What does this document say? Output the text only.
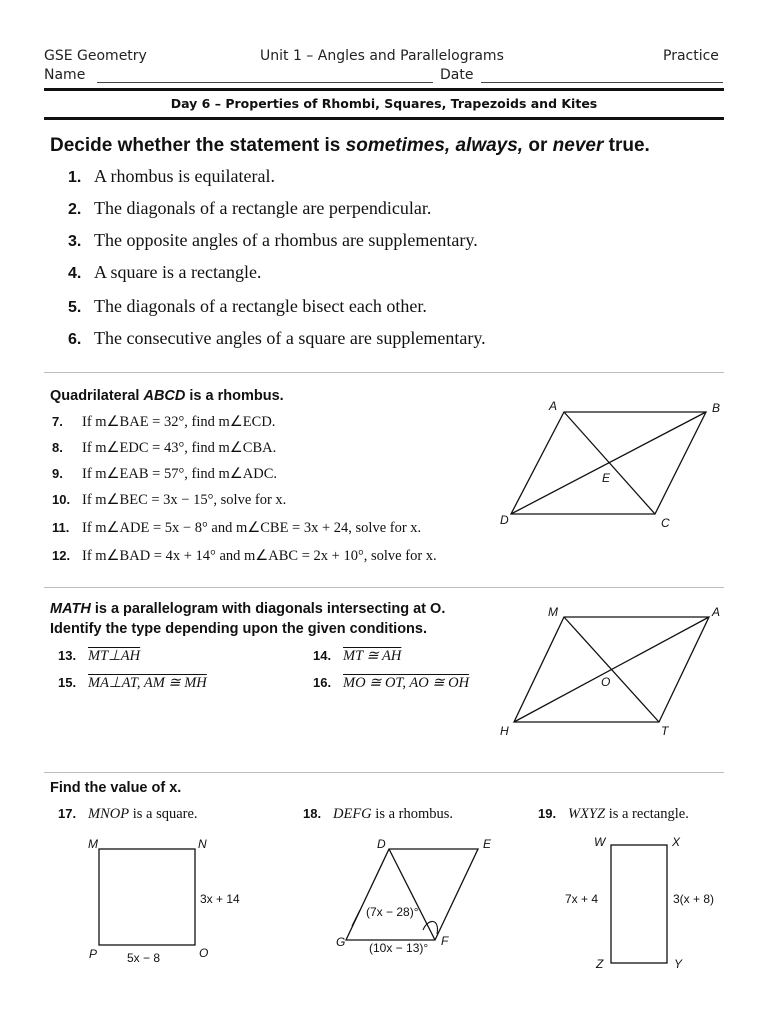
GSE Geometry	Unit 1 – Angles and Parallelograms	Practice
Name	Date
Day 6 – Properties of Rhombi, Squares, Trapezoids and Kites
Decide whether the statement is sometimes, always, or never true.
1. A rhombus is equilateral.
2. The diagonals of a rectangle are perpendicular.
3. The opposite angles of a rhombus are supplementary.
4. A square is a rectangle.
5. The diagonals of a rectangle bisect each other.
6. The consecutive angles of a square are supplementary.
Quadrilateral ABCD is a rhombus.
7. If m∠BAE = 32°, find m∠ECD.
8. If m∠EDC = 43°, find m∠CBA.
9. If m∠EAB = 57°, find m∠ADC.
10. If m∠BEC = 3x − 15°, solve for x.
11. If m∠ADE = 5x − 8° and m∠CBE = 3x + 24, solve for x.
12. If m∠BAD = 4x + 14° and m∠ABC = 2x + 10°, solve for x.
A	B
C
D
E
M	A
T
H
O
M	N
O
P
3x + 14
5x − 8
D	E
F
G
(7x − 28)°
(10x − 13)°
W	X
Y
Z
7x + 4	3(x + 8)
MATH is a parallelogram with diagonals intersecting at O.
Identify the type depending upon the given conditions.
13. MT⊥AH	14. MT ≅ AH
15. MA⊥AT, AM ≅ MH	16. MO ≅ OT, AO ≅ OH
Find the value of x.
17. MNOP is a square.	18. DEFG is a rhombus.	19. WXYZ is a rectangle.
